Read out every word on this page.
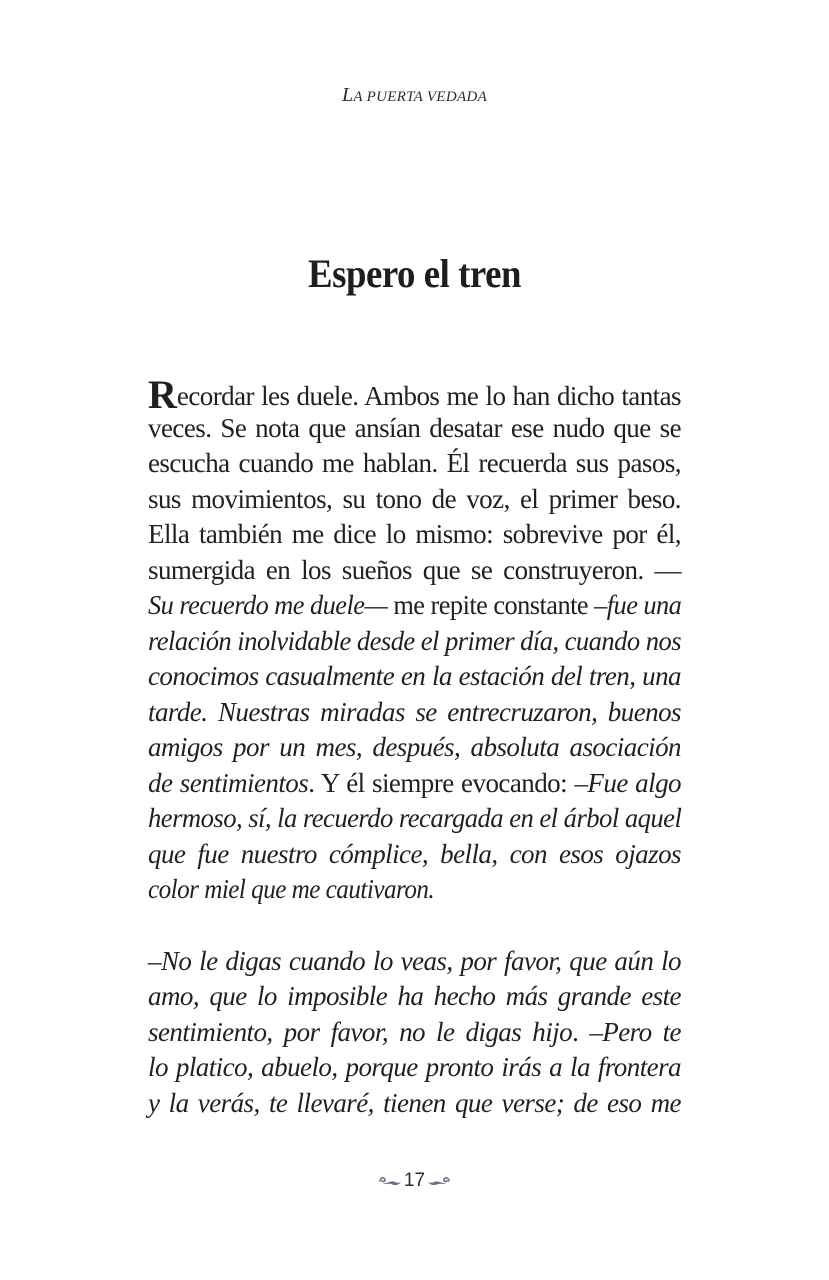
LA PUERTA VEDADA
Espero el tren
Recordar les duele. Ambos me lo han dicho tantas
veces. Se nota que ansían desatar ese nudo que se
escucha cuando me hablan. Él recuerda sus pasos,
sus movimientos, su tono de voz, el primer beso.
Ella también me dice lo mismo: sobrevive por él,
sumergida en los sueños que se construyeron. —
Su recuerdo me duele— me repite constante –fue una
relación inolvidable desde el primer día, cuando nos
conocimos casualmente en la estación del tren, una
tarde. Nuestras miradas se entrecruzaron, buenos
amigos por un mes, después, absoluta asociación
de sentimientos. Y él siempre evocando: –Fue algo
hermoso, sí, la recuerdo recargada en el árbol aquel
que fue nuestro cómplice, bella, con esos ojazos
color miel que me cautivaron.
–No le digas cuando lo veas, por favor, que aún lo
amo, que lo imposible ha hecho más grande este
sentimiento, por favor, no le digas hijo. –Pero te
lo platico, abuelo, porque pronto irás a la frontera
y la verás, te llevaré, tienen que verse; de eso me
17
